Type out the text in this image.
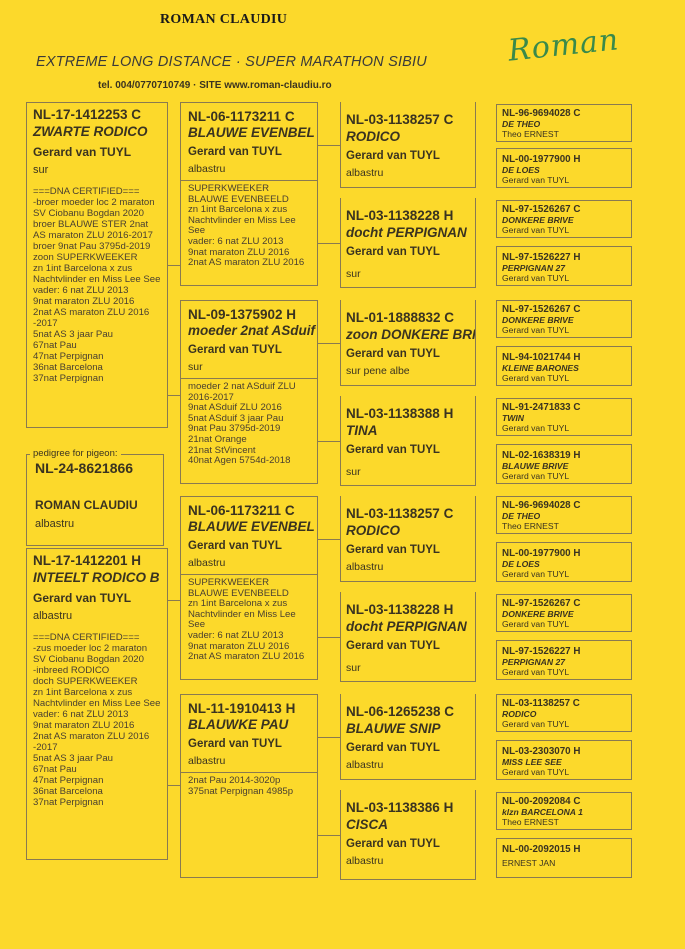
ROMAN CLAUDIU
EXTREME LONG DISTANCE · SUPER MARATHON SIBIU
tel. 004/0770710749 · SITE www.roman-claudiu.ro
Roman
NL-17-1412253 C
ZWARTE RODICO
Gerard van TUYL
sur
===DNA CERTIFIED===
-broer moeder loc 2 maraton SV Ciobanu Bogdan 2020
broer BLAUWE STER 2nat AS maraton ZLU 2016-2017
broer 9nat Pau 3795d-2019
zoon SUPERKWEEKER
zn 1int Barcelona x zus Nachtvlinder en Miss Lee See
vader: 6 nat ZLU 2013
9nat maraton ZLU 2016
2nat AS maraton ZLU 2016 -2017
5nat AS 3 jaar Pau
67nat Pau
47nat Perpignan
36nat Barcelona
37nat Perpignan
pedigree for pigeon:
NL-24-8621866
ROMAN CLAUDIU
albastru
NL-17-1412201 H
INTEELT RODICO B
Gerard van TUYL
albastru
===DNA CERTIFIED===
-zus moeder loc 2 maraton SV Ciobanu Bogdan 2020
-inbreed RODICO
doch SUPERKWEEKER
zn 1int Barcelona x zus Nachtvlinder en Miss Lee See
vader: 6 nat ZLU 2013
9nat maraton ZLU 2016
2nat AS maraton ZLU 2016 -2017
5nat AS 3 jaar Pau
67nat Pau
47nat Perpignan
36nat Barcelona
37nat Perpignan
NL-06-1173211 C
BLAUWE EVENBEL
Gerard van TUYL
albastru
SUPERKWEEKER
BLAUWE EVENBEELD
zn 1int Barcelona x zus Nachtvlinder en Miss Lee See
vader: 6 nat ZLU 2013
9nat maraton ZLU 2016
2nat AS maraton ZLU 2016
NL-09-1375902 H
moeder 2nat ASduif
Gerard van TUYL
sur
moeder 2 nat ASduif ZLU 2016-2017
9nat ASduif ZLU 2016
5nat ASduif 3 jaar Pau
9nat Pau 3795d-2019
21nat Orange
21nat StVincent
40nat Agen 5754d-2018
NL-06-1173211 C
BLAUWE EVENBEL
Gerard van TUYL
albastru
SUPERKWEEKER
BLAUWE EVENBEELD
zn 1int Barcelona x zus Nachtvlinder en Miss Lee See
vader: 6 nat ZLU 2013
9nat maraton ZLU 2016
2nat AS maraton ZLU 2016
NL-11-1910413 H
BLAUWKE PAU
Gerard van TUYL
albastru
2nat Pau 2014-3020p
375nat Perpignan 4985p
NL-03-1138257 C
RODICO
Gerard van TUYL
albastru
NL-03-1138228 H
docht PERPIGNAN
Gerard van TUYL
sur
NL-01-1888832 C
zoon DONKERE BRI
Gerard van TUYL
sur pene albe
NL-03-1138388 H
TINA
Gerard van TUYL
sur
NL-03-1138257 C
RODICO
Gerard van TUYL
albastru
NL-03-1138228 H
docht PERPIGNAN
Gerard van TUYL
sur
NL-06-1265238 C
BLAUWE SNIP
Gerard van TUYL
albastru
NL-03-1138386 H
CISCA
Gerard van TUYL
albastru
NL-96-9694028 C
DE THEO
Theo ERNEST
NL-00-1977900 H
DE LOES
Gerard van TUYL
NL-97-1526267 C
DONKERE BRIVE
Gerard van TUYL
NL-97-1526227 H
PERPIGNAN 27
Gerard van TUYL
NL-97-1526267 C
DONKERE BRIVE
Gerard van TUYL
NL-94-1021744 H
KLEINE BARONES
Gerard van TUYL
NL-91-2471833 C
TWIN
Gerard van TUYL
NL-02-1638319 H
BLAUWE BRIVE
Gerard van TUYL
NL-96-9694028 C
DE THEO
Theo ERNEST
NL-00-1977900 H
DE LOES
Gerard van TUYL
NL-97-1526267 C
DONKERE BRIVE
Gerard van TUYL
NL-97-1526227 H
PERPIGNAN 27
Gerard van TUYL
NL-03-1138257 C
RODICO
Gerard van TUYL
NL-03-2303070 H
MISS LEE SEE
Gerard van TUYL
NL-00-2092084 C
klzn BARCELONA 1
Theo ERNEST
NL-00-2092015 H
ERNEST JAN
